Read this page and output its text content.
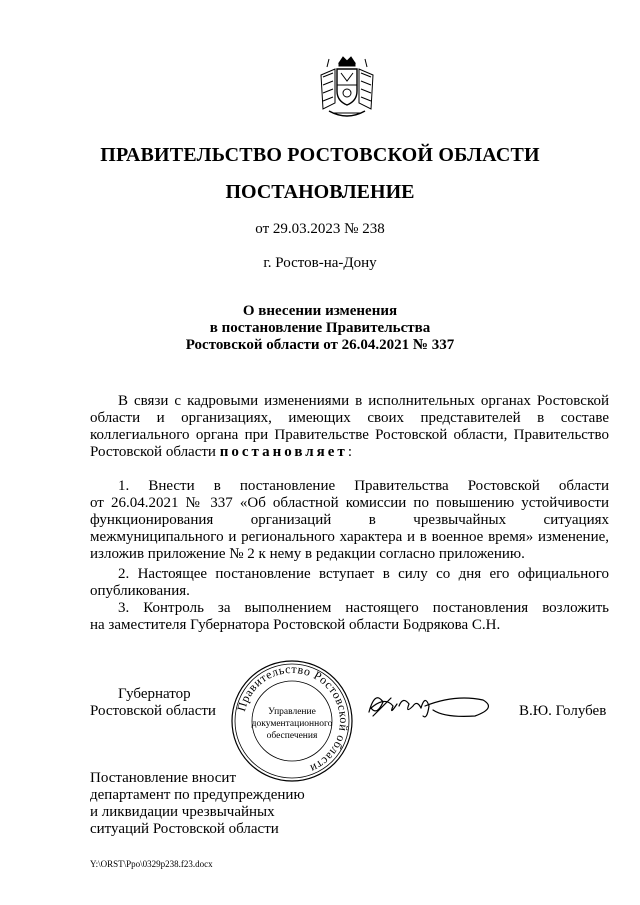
ПРАВИТЕЛЬСТВО РОСТОВСКОЙ ОБЛАСТИ
ПОСТАНОВЛЕНИЕ
от 29.03.2023 № 238
г. Ростов-на-Дону
О внесении изменения
в постановление Правительства
Ростовской области от 26.04.2021 № 337
В связи с кадровыми изменениями в исполнительных органах Ростовской
области и организациях, имеющих своих представителей в составе
коллегиального органа при Правительстве Ростовской области, Правительство
Ростовской области постановляет:
1. Внести в постановление Правительства Ростовской области
от 26.04.2021 № 337 «Об областной комиссии по повышению устойчивости
функционирования организаций в чрезвычайных ситуациях
межмуниципального и регионального характера и в военное время» изменение,
изложив приложение № 2 к нему в редакции согласно приложению.
2. Настоящее постановление вступает в силу со дня его официального
опубликования.
3. Контроль за выполнением настоящего постановления возложить
на заместителя Губернатора Ростовской области Бодрякова С.Н.
Губернатор
Ростовской области	В.Ю. Голубев
Правительство Ростовской области
Управление
документационного
обеспечения
Постановление вносит
департамент по предупреждению
и ликвидации чрезвычайных
ситуаций Ростовской области
Y:\ORST\Ppo\0329p238.f23.docx
